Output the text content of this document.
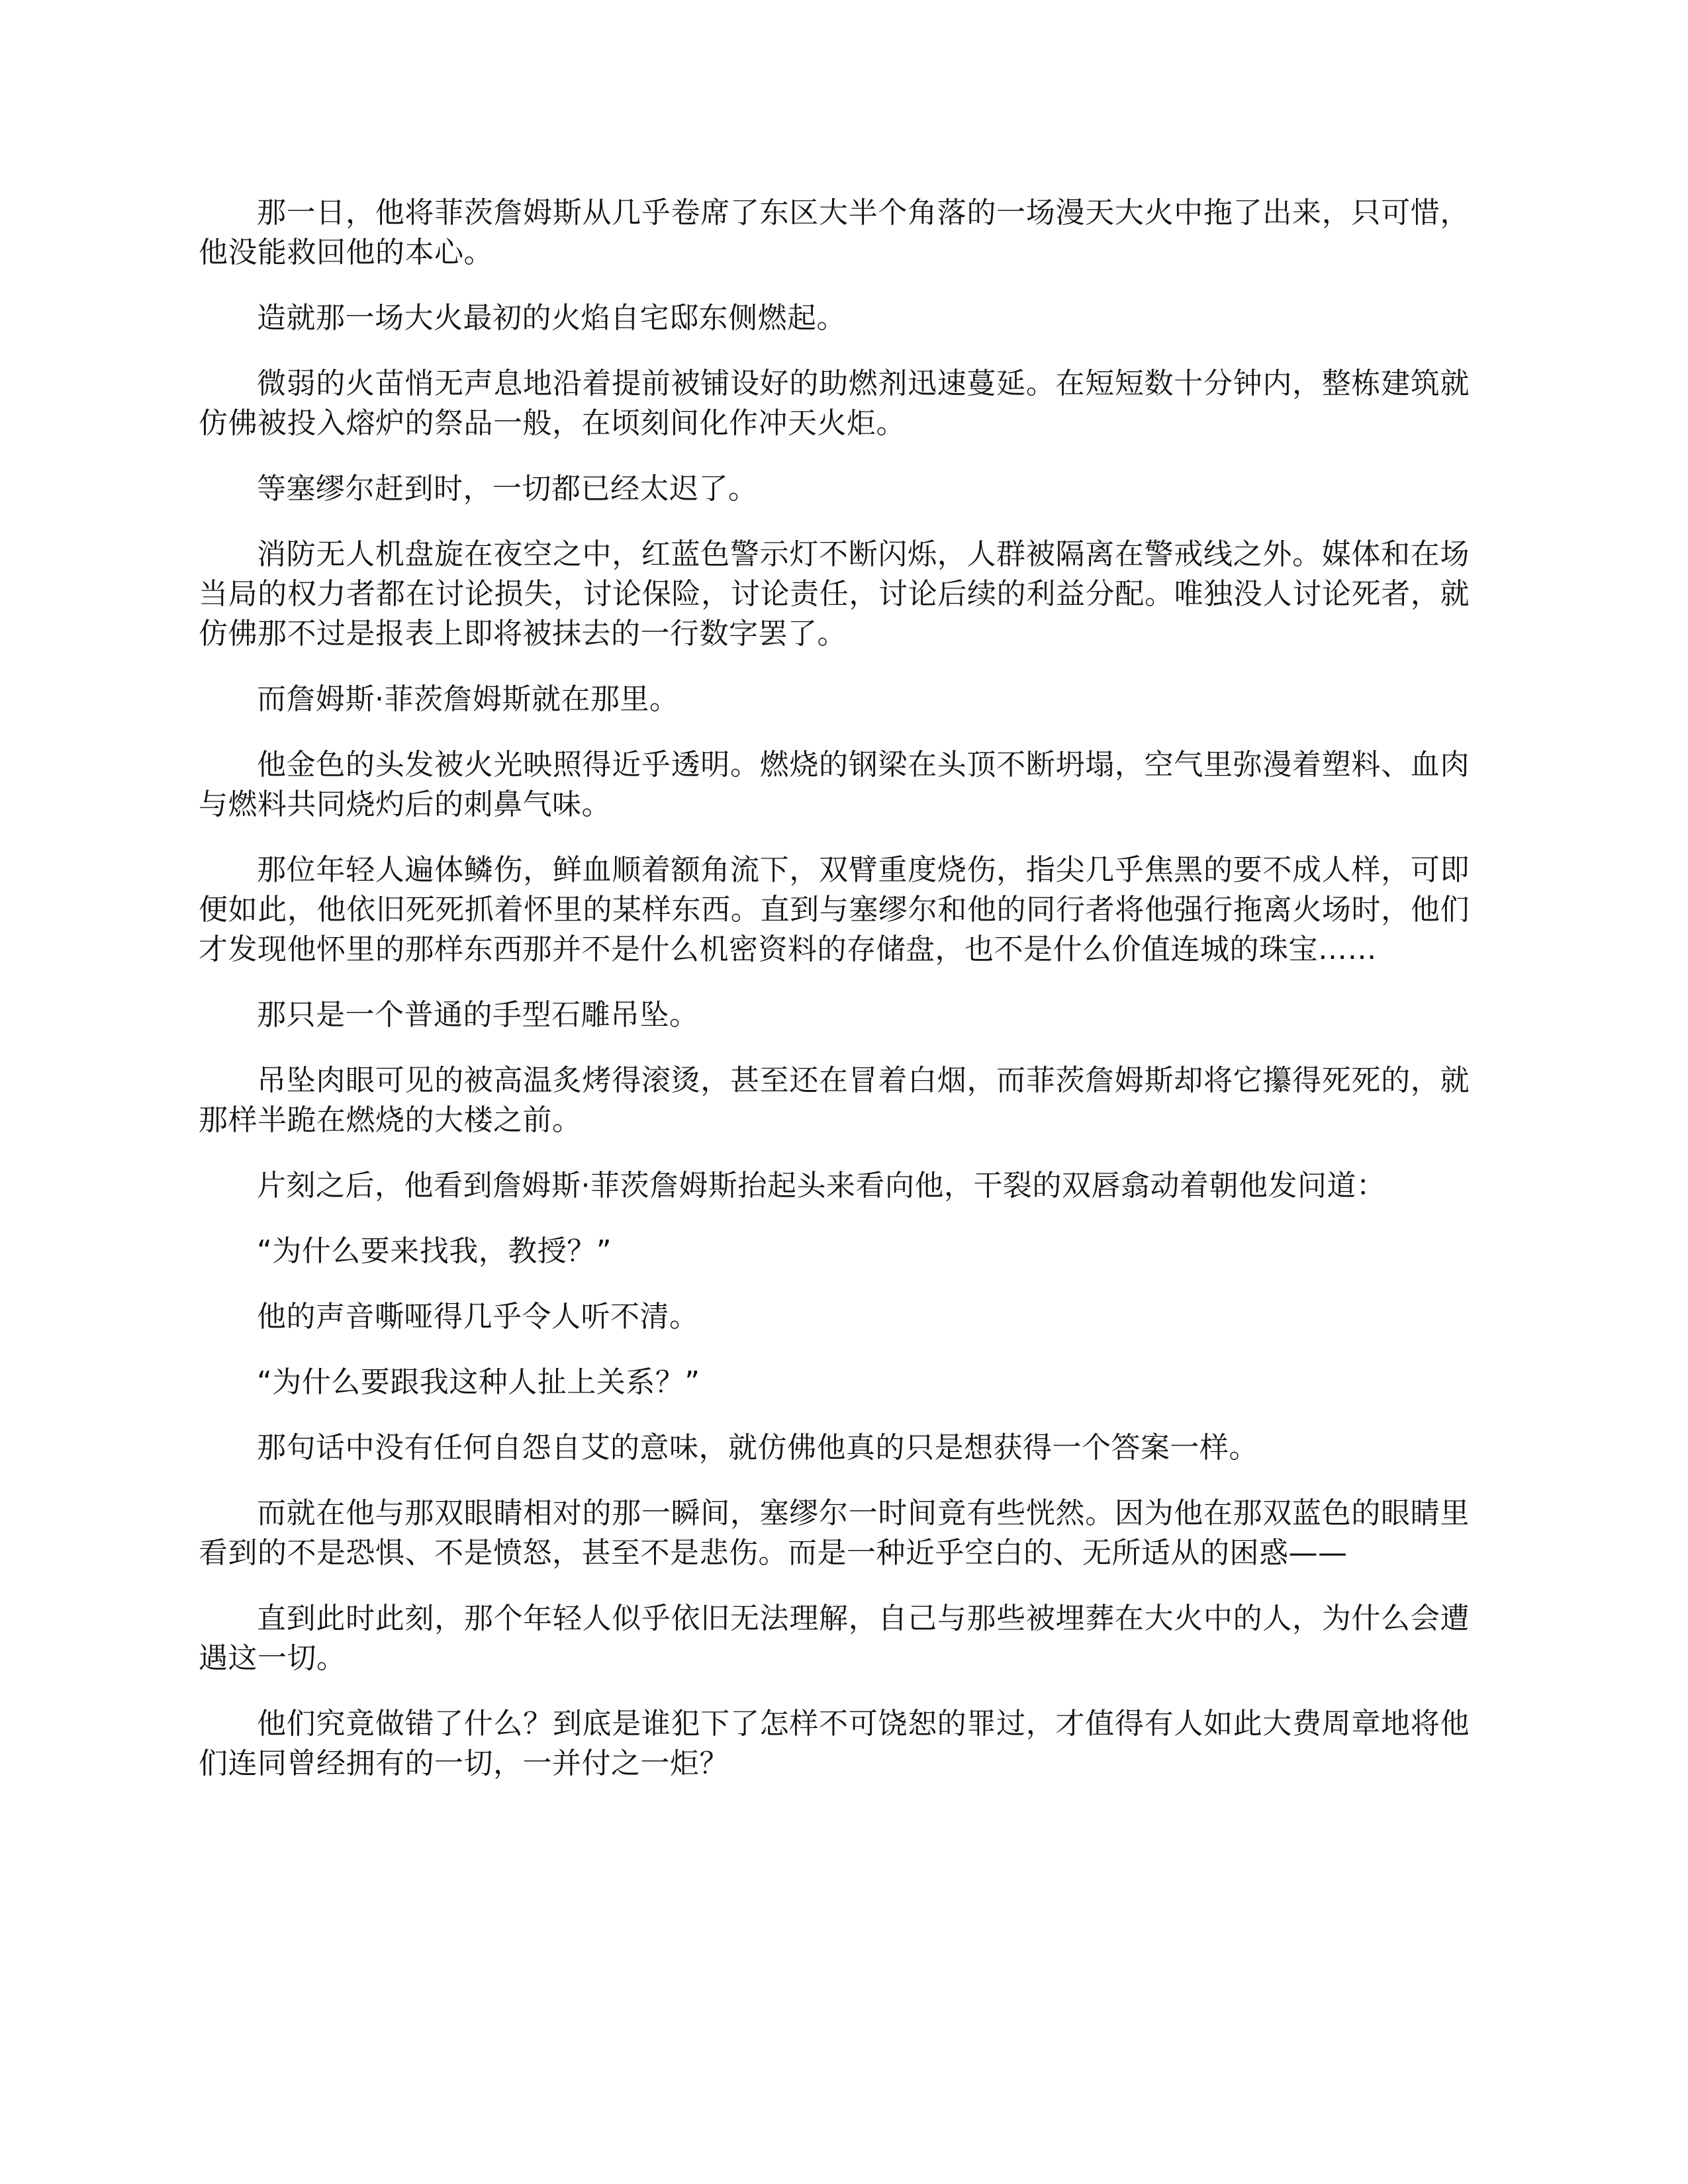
那一日，他将菲茨詹姆斯从几乎卷席了东区大半个角落的一场漫天大火中拖了出来，只可惜，他没能救回他的本心。

造就那一场大火最初的火焰自宅邸东侧燃起。

微弱的火苗悄无声息地沿着提前被铺设好的助燃剂迅速蔓延。在短短数十分钟内，整栋建筑就仿佛被投入熔炉的祭品一般，在顷刻间化作冲天火炬。

等塞缪尔赶到时，一切都已经太迟了。

消防无人机盘旋在夜空之中，红蓝色警示灯不断闪烁，人群被隔离在警戒线之外。媒体和在场当局的权力者都在讨论损失，讨论保险，讨论责任，讨论后续的利益分配。唯独没人讨论死者，就仿佛那不过是报表上即将被抹去的一行数字罢了。

而詹姆斯·菲茨詹姆斯就在那里。

他金色的头发被火光映照得近乎透明。燃烧的钢梁在头顶不断坍塌，空气里弥漫着塑料、血肉与燃料共同烧灼后的刺鼻气味。

那位年轻人遍体鳞伤，鲜血顺着额角流下，双臂重度烧伤，指尖几乎焦黑的要不成人样，可即便如此，他依旧死死抓着怀里的某样东西。直到与塞缪尔和他的同行者将他强行拖离火场时，他们才发现他怀里的那样东西那并不是什么机密资料的存储盘，也不是什么价值连城的珠宝……

那只是一个普通的手型石雕吊坠。

吊坠肉眼可见的被高温炙烤得滚烫，甚至还在冒着白烟，而菲茨詹姆斯却将它攥得死死的，就那样半跪在燃烧的大楼之前。

片刻之后，他看到詹姆斯·菲茨詹姆斯抬起头来看向他，干裂的双唇翕动着朝他发问道：

“为什么要来找我，教授？”

他的声音嘶哑得几乎令人听不清。

“为什么要跟我这种人扯上关系？”

那句话中没有任何自怨自艾的意味，就仿佛他真的只是想获得一个答案一样。

而就在他与那双眼睛相对的那一瞬间，塞缪尔一时间竟有些恍然。因为他在那双蓝色的眼睛里看到的不是恐惧、不是愤怒，甚至不是悲伤。而是一种近乎空白的、无所适从的困惑——

直到此时此刻，那个年轻人似乎依旧无法理解，自己与那些被埋葬在大火中的人，为什么会遭遇这一切。

他们究竟做错了什么？到底是谁犯下了怎样不可饶恕的罪过，才值得有人如此大费周章地将他们连同曾经拥有的一切，一并付之一炬？
